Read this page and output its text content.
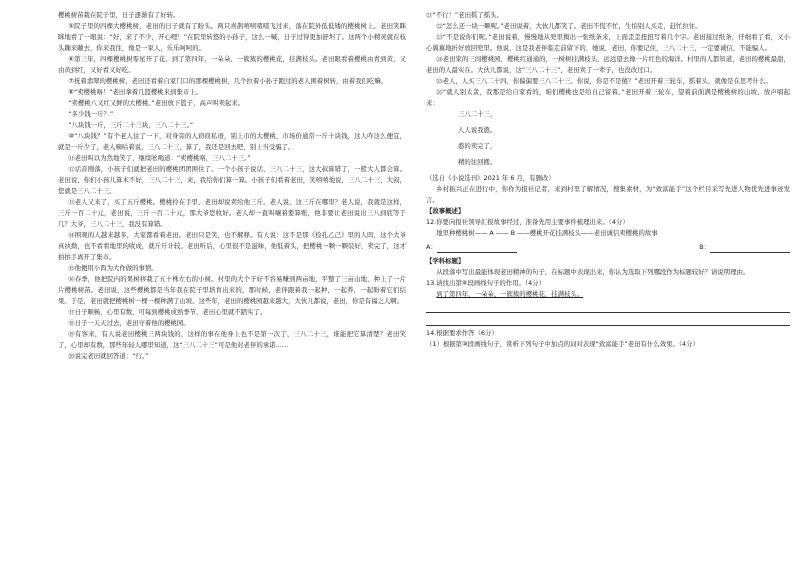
樱桃树苗栽在院子里，日子逐渐有了好转。

⑤院子里的四棵大樱桃树，老田的日子就有了盼头。两只喜鹊嘻嘻喳喳飞过来，落在院外低低矮的樱桃树上。老田笑眯眯地看了一眼说：“好，来了不少，开心哩！”在院里转悠的小孙子，这么一喊，日子过得更加舒坦了。这两个小精灵就在枝头蹦来蹦去，你来我往，像是一家人，乐乐呵呵的。

⑥第三年，四棵樱桃树零星开了花。到了第四年，一朵朵、一簇簇的樱桃花，挂满枝头。老田眼看着樱桃由青到黄，又由黄到红，又好看又好吃。

⑦抚着翡翠的樱桃树，老田还看着自家门口的那棵樱桃树，几个拉着小孙子跑过的老人围着树转，由着我们吃嘛。

⑧“卖樱桃咯！”老田拿着几篮樱桃来到集市上。

“卖樱桃八又红又鲜的大樱桃。”老田放下篮子，高声叫卖起来。

“多少钱一斤？”

“八块钱一斤，三斤二十三块，三八二十三。”

⑩“八块钱？”有个老人往了一下，对身旁的人窃窃私语，别上市的大樱桃，市场价通常一斤十块钱，这人咋这么便宜，就是一斤少了，老人嘀咕着说，三八二十三，算了，我还是回去吧，别上当受骗了。

⑪老田叫以为然地笑了，继续吆喝道：“卖樱桃咯，三八二十三。”

⑫话音刚落，小孩子们就把老田的樱桃团团围住了。一个小孩子说话，三八二十三，这大叔算错了，一般大人都会算。老田说，你们小孩儿算术不好，三八二十三，来，我给你们算一算。小孩子们看着老田，笑嘻嘻地说，三八二十三，大叔，您就是三八二十三。

⑬老人又来了，买了五斤樱桃。樱桃拎在手里，老田却说卖给他三斤。老人说，这三斤在哪里？老人说，我就是这样，三斤一百二十元，老田说，三斤一百二十元，那大爷您收好。老人却一直叫嚷着要算账，他非要让老田说出三八到底等于几？大爷，三八二十三，我没有算错。

⑭围观的人越来越多，大家都看着老田。老田只是笑，也不解释。有人说：这不是那《捡孔乙己》里的人吗，这个大爷真执拗，也不看看地里的收成，就斤斤计较。老田听后，心里很不是滋味，他低着头，把樱桃一颗一颗装好，卖完了，这才拍拍手离开了集市。

⑮他便用小酉为大作做的事情。

⑯春季，他把院内的果树移栽了五十株左右的小树。村里的大个子好不容易赚到两亩地，平整了三亩山地，种上了一片片樱桃树苗。老田说，这些樱桃都是当年我在院子里培育出来的，那时候，老伴跟着我一起种，一起养，一起盼着它们结果。于是，老田就把樱桃树一棵一棵种满了山坡。这些年，老田的樱桃园越来越大，大伙儿都说，老田，你是有福之人啊。

⑰日子顺畅，心里有数，可每到樱桃成熟季节，老田心里就不踏实了。

⑱日子一天天过去，老田守着他的樱桃园。

⑲有客来，有人说老田樱桃三两块钱的，这样的事在他身上也不是第一次了，三八二十三，谁能把它算清楚？老田笑了，心里却有数，那些年轻人哪里知道，这“三八二十三”可是他对老伴的承诺……

⑳说完老田就回答道：“行。”

㉑“不行！”老田摇了摇头。

㉒“怎么还一块一颗呢。”老田说着，大伙儿都笑了。老田不慌不忙，生怕别人买走，赶忙拉住。

㉓“不是说你们呢。”老田说着，慢慢地从兜里掏出一张纸条来，上面歪歪扭扭写着几个字。老田接过纸条，仔细看了看，又小心翼翼地折好放回兜里。他说，这是我老伴临走前留下的，她说，老田，你要记住，三八二十三，一定要诚信，不能骗人。

㉔老田家的三间樱桃园，樱桃红通通的，一树树挂满枝头，远远望去像一片红色的海洋。村里的人都知道，老田的樱桃最甜，老田的人最实在。大伙儿都说，这“三八二十三”，老田卖了一辈子，也没改过口。

㉕老人，人买三八二十四，你偏偏要三八二十三。你说，你是不是傻？”老田开着三轮车，摇着头，就像是在思考什么。

㉖“就人别太贪，我那是给自家看的，咱们樱桃也是给自己留着。”老田开着三轮车，望着前面满是樱桃树的山坡，放声唱起来：

三八二十三，

人人说我憨。

憨的卖完了，

精的往回搬。

（选自《小说选刊》2021 年 6 月，有删改）

乡村振兴正在进行中，你作为报社记者，来到村里了解情况，搜集素材，为“致富能手”这个栏目采写先进人物优先进事迹发言。

【故事概述】

12.你要向报社领导汇报故事经过，准备先用主要事件梳理出来。（4分）

地里种樱桃树—— A —— B ——樱桃开花挂满枝头——老田诚信卖樱桃的故事

A：	B：

【学科标题】

从段落中写出最能体现老田精神的句子，在标题中表现出来，你认为选取下列哪段作为标题较好？请说明理由。

13.请找出第⑥段画线句子的作用。（4分）

到了第四年，一朵朵、一簇簇的樱桃花，挂满枝头。

14.根据要求作答（6分）

（1）根据第⑩段画线句子，赏析下列句子中加点的词对表现“致富能手”老田有什么效果。（4分）
